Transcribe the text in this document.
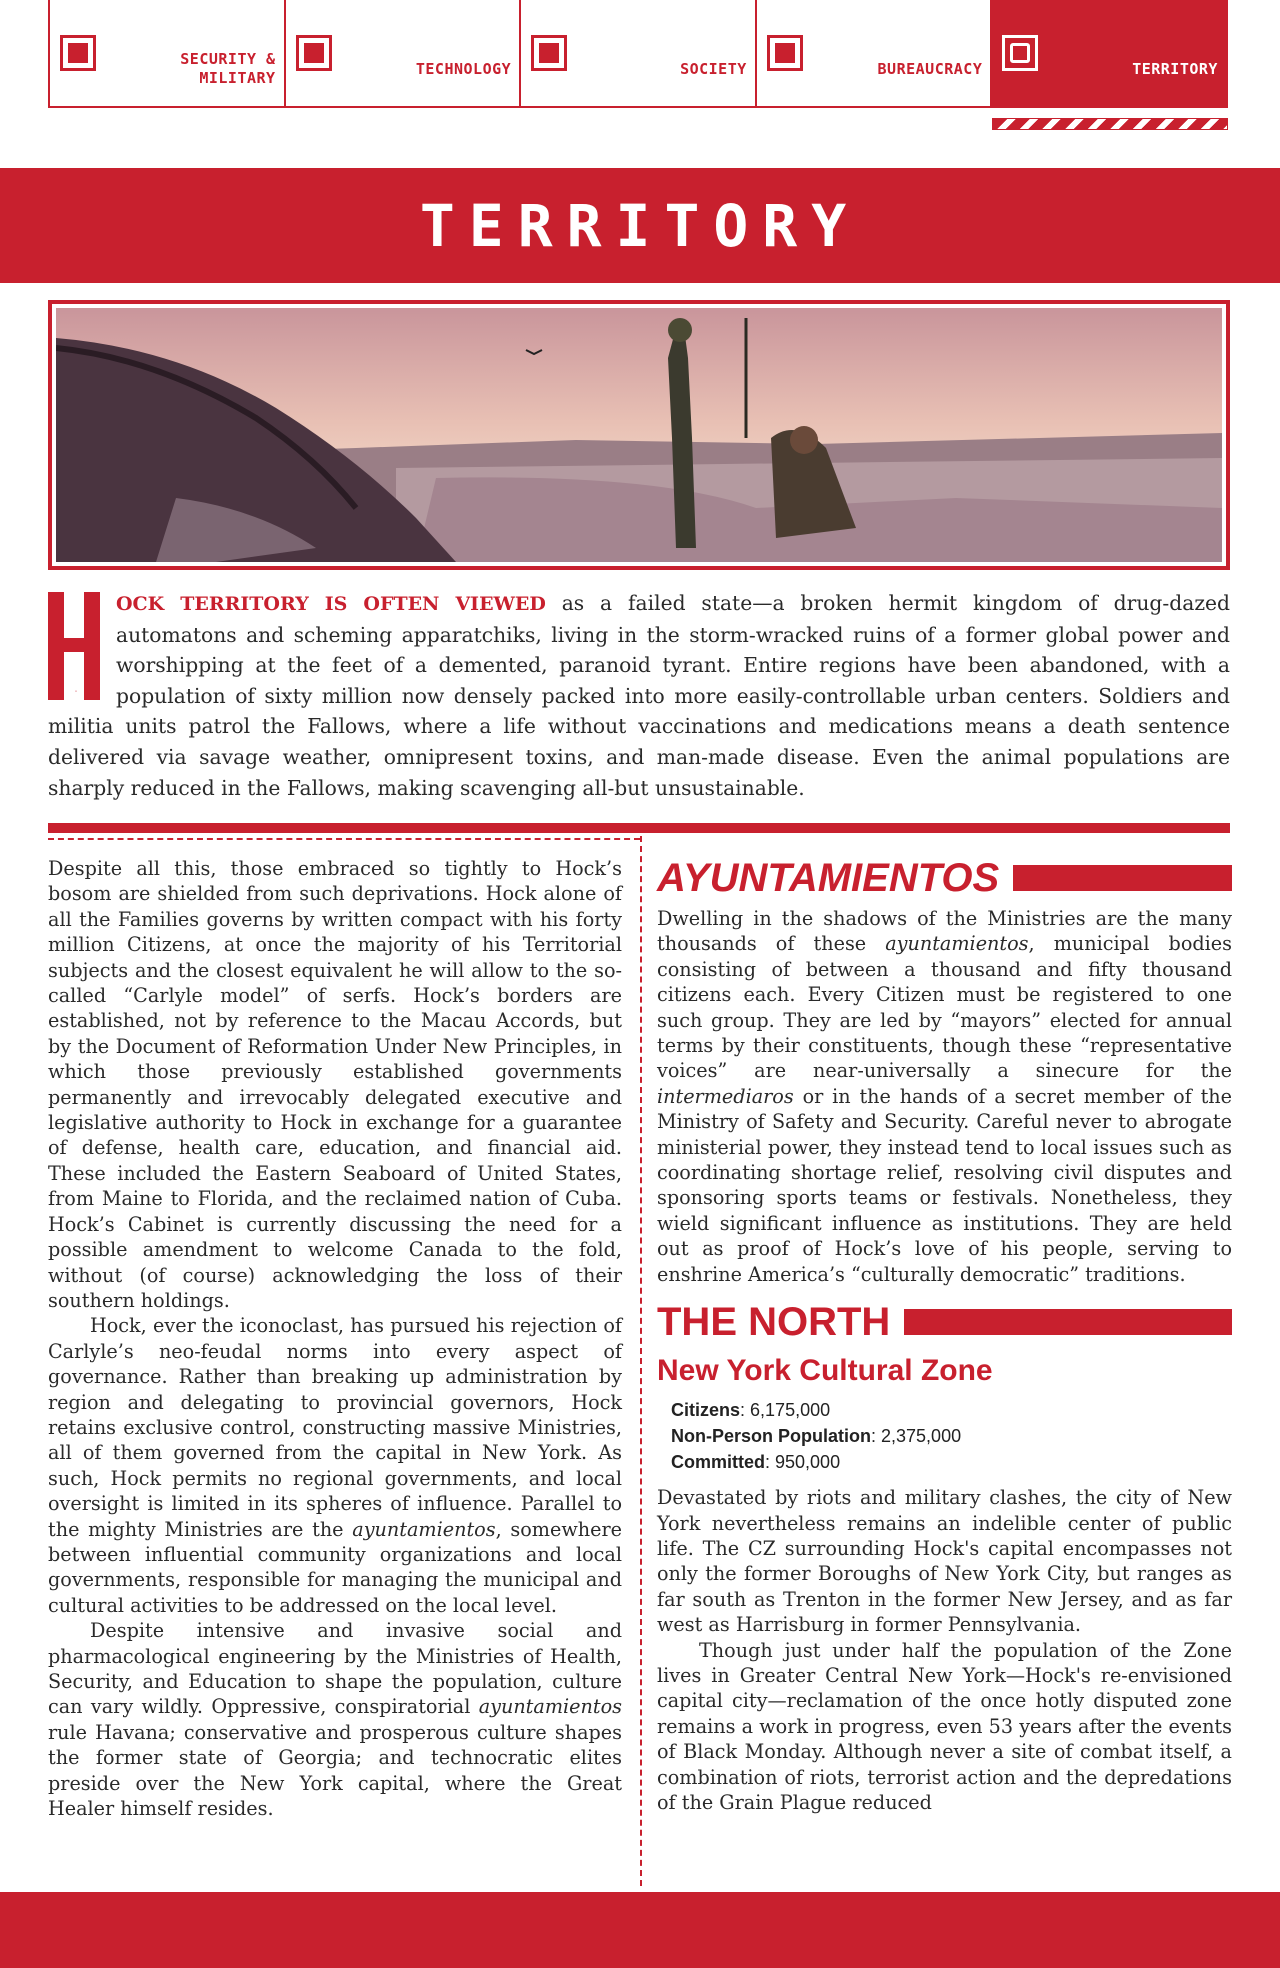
SECURITY &
MILITARY	TECHNOLOGY	SOCIETY	BUREAUCRACY	TERRITORY
TERRITORY
H
OCK TERRITORY IS OFTEN VIEWED as a failed state—a broken hermit kingdom of drug-dazed automatons and scheming apparatchiks, living in the storm-wracked ruins of a former global power and worshipping at the feet of a demented, paranoid tyrant. Entire regions have been abandoned, with a population of sixty million now densely packed into more easily-controllable urban centers. Soldiers and militia units patrol the Fallows, where a life without vaccinations and medications means a death sentence delivered via savage weather, omnipresent toxins, and man-made disease. Even the animal populations are sharply reduced in the Fallows, making scavenging all-but unsustainable.

Despite all this, those embraced so tightly to Hock’s bosom are shielded from such deprivations. Hock alone of all the Families governs by written compact with his forty million Citizens, at once the majority of his Territorial subjects and the closest equivalent he will allow to the so-called “Carlyle model” of serfs. Hock’s borders are established, not by reference to the Macau Accords, but by the Document of Reformation Under New Principles, in which those previously established governments permanently and irrevocably delegated executive and legislative authority to Hock in exchange for a guarantee of defense, health care, education, and financial aid. These included the Eastern Seaboard of United States, from Maine to Florida, and the reclaimed nation of Cuba. Hock’s Cabinet is currently discussing the need for a possible amendment to welcome Canada to the fold, without (of course) acknowledging the loss of their southern holdings.

Hock, ever the iconoclast, has pursued his rejection of Carlyle’s neo-feudal norms into every aspect of governance. Rather than breaking up administration by region and delegating to provincial governors, Hock retains exclusive control, constructing massive Ministries, all of them governed from the capital in New York. As such, Hock permits no regional governments, and local oversight is limited in its spheres of influence. Parallel to the mighty Ministries are the ayuntamientos, somewhere between influential community organizations and local governments, responsible for managing the municipal and cultural activities to be addressed on the local level.

Despite intensive and invasive social and pharmacological engineering by the Ministries of Health, Security, and Education to shape the population, culture can vary wildly. Oppressive, conspiratorial ayuntamientos rule Havana; conservative and prosperous culture shapes the former state of Georgia; and technocratic elites preside over the New York capital, where the Great Healer himself resides.

AYUNTAMIENTOS

Dwelling in the shadows of the Ministries are the many thousands of these ayuntamientos, municipal bodies consisting of between a thousand and fifty thousand citizens each. Every Citizen must be registered to one such group. They are led by “mayors” elected for annual terms by their constituents, though these “representative voices” are near-universally a sinecure for the intermediaros or in the hands of a secret member of the Ministry of Safety and Security. Careful never to abrogate ministerial power, they instead tend to local issues such as coordinating shortage relief, resolving civil disputes and sponsoring sports teams or festivals. Nonetheless, they wield significant influence as institutions. They are held out as proof of Hock’s love of his people, serving to enshrine America’s “culturally democratic” traditions.

THE NORTH
New York Cultural Zone
Citizens: 6,175,000
Non-Person Population: 2,375,000
Committed: 950,000

Devastated by riots and military clashes, the city of New York nevertheless remains an indelible center of public life. The CZ surrounding Hock's capital encompasses not only the former Boroughs of New York City, but ranges as far south as Trenton in the former New Jersey, and as far west as Harrisburg in former Pennsylvania.

Though just under half the population of the Zone lives in Greater Central New York—Hock's re-envisioned capital city—reclamation of the once hotly disputed zone remains a work in progress, even 53 years after the events of Black Monday. Although never a site of combat itself, a combination of riots, terrorist action and the depredations of the Grain Plague reduced
